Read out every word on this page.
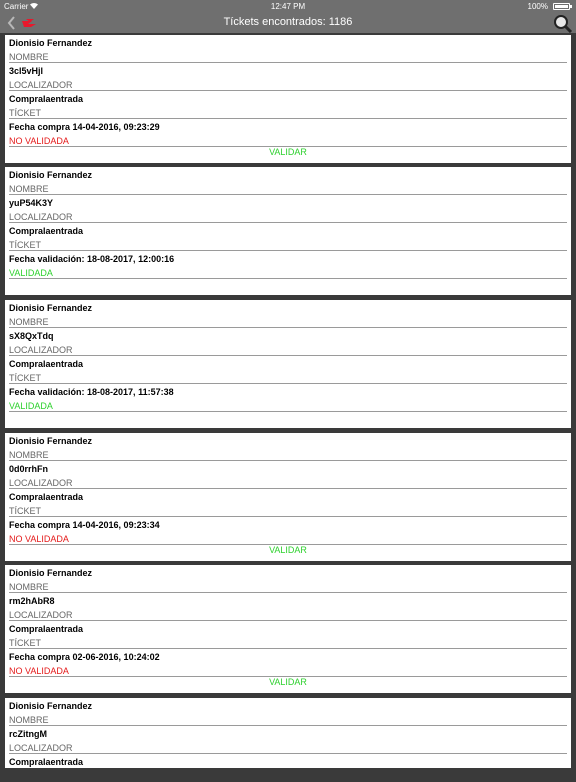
Carrier	12:47 PM	100%
Tíckets encontrados: 1186
Dionisio Fernandez
NOMBRE
3cl5vHjl
LOCALIZADOR
Compralaentrada
TÍCKET
Fecha compra 14-04-2016, 09:23:29
NO VALIDADA
VALIDAR
Dionisio Fernandez
NOMBRE
yuP54K3Y
LOCALIZADOR
Compralaentrada
TÍCKET
Fecha validación: 18-08-2017, 12:00:16
VALIDADA
Dionisio Fernandez
NOMBRE
sX8QxTdq
LOCALIZADOR
Compralaentrada
TÍCKET
Fecha validación: 18-08-2017, 11:57:38
VALIDADA
Dionisio Fernandez
NOMBRE
0d0rrhFn
LOCALIZADOR
Compralaentrada
TÍCKET
Fecha compra 14-04-2016, 09:23:34
NO VALIDADA
VALIDAR
Dionisio Fernandez
NOMBRE
rm2hAbR8
LOCALIZADOR
Compralaentrada
TÍCKET
Fecha compra 02-06-2016, 10:24:02
NO VALIDADA
VALIDAR
Dionisio Fernandez
NOMBRE
rcZitngM
LOCALIZADOR
Compralaentrada
